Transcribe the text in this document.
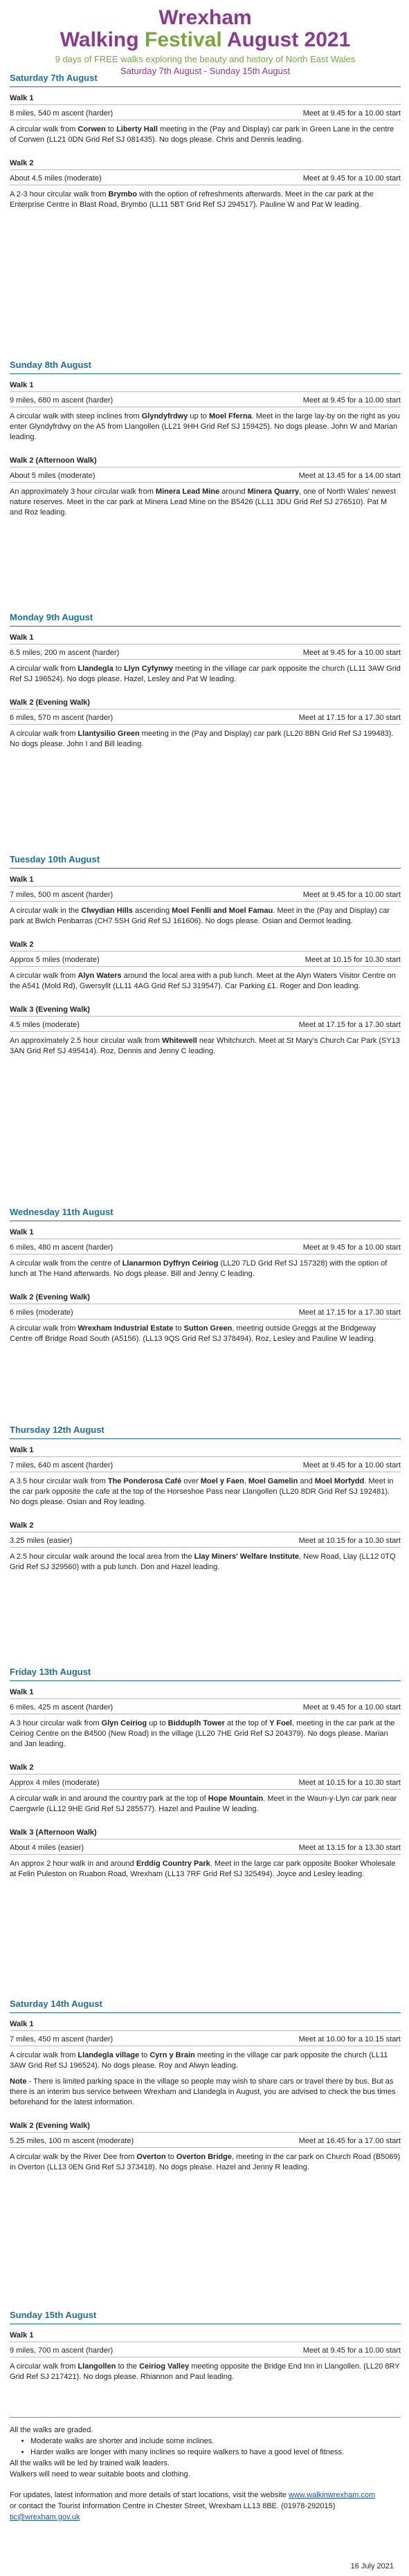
Wrexham
Walking Festival August 2021
9 days of FREE walks exploring the beauty and history of North East Wales
Saturday 7th August - Sunday 15th August
Saturday 7th August
Walk 1
8 miles, 540 m ascent (harder)	Meet at 9.45 for a 10.00 start
A circular walk from Corwen to Liberty Hall meeting in the (Pay and Display) car park in Green Lane in the centre of Corwen (LL21 0DN Grid Ref SJ 081435). No dogs please. Chris and Dennis leading.
Walk 2
About 4.5 miles (moderate)	Meet at 9.45 for a 10.00 start
A 2-3 hour circular walk from Brymbo with the option of refreshments afterwards. Meet in the car park at the Enterprise Centre in Blast Road, Brymbo (LL11 5BT Grid Ref SJ 294517). Pauline W and Pat W leading.
Sunday 8th August
Walk 1
9 miles, 680 m ascent (harder)	Meet at 9.45 for a 10.00 start
A circular walk with steep inclines from Glyndyfrdwy up to Moel Fferna. Meet in the large lay-by on the right as you enter Glyndyfrdwy on the A5 from Llangollen (LL21 9HH Grid Ref SJ 159425). No dogs please. John W and Marian leading.
Walk 2 (Afternoon Walk)
About 5 miles (moderate)	Meet at 13.45 for a 14.00 start
An approximately 3 hour circular walk from Minera Lead Mine around Minera Quarry, one of North Wales' newest nature reserves. Meet in the car park at Minera Lead Mine on the B5426 (LL11 3DU Grid Ref SJ 276510). Pat M and Roz leading.
Monday 9th August
Walk 1
6.5 miles, 200 m ascent (harder)	Meet at 9.45 for a 10.00 start
A circular walk from Llandegla to Llyn Cyfynwy meeting in the village car park opposite the church (LL11 3AW Grid Ref SJ 196524). No dogs please. Hazel, Lesley and Pat W leading.
Walk 2 (Evening Walk)
6 miles, 570 m ascent (harder)	Meet at 17.15 for a 17.30 start
A circular walk from Llantysilio Green meeting in the (Pay and Display) car park (LL20 8BN Grid Ref SJ 199483). No dogs please. John I and Bill leading.
Tuesday 10th August
Walk 1
7 miles, 500 m ascent (harder)	Meet at 9.45 for a 10.00 start
A circular walk in the Clwydian Hills ascending Moel Fenlli and Moel Famau. Meet in the (Pay and Display) car park at Bwlch Penbarras (CH7 5SH Grid Ref SJ 161606). No dogs please. Osian and Dermot leading.
Walk 2
Approx 5 miles (moderate)	Meet at 10.15 for 10.30 start
A circular walk from Alyn Waters around the local area with a pub lunch. Meet at the Alyn Waters Visitor Centre on the A541 (Mold Rd), Gwersyllt (LL11 4AG Grid Ref SJ 319547). Car Parking £1. Roger and Don leading.
Walk 3 (Evening Walk)
4.5 miles (moderate)	Meet at 17.15 for a 17.30 start
An approximately 2.5 hour circular walk from Whitewell near Whitchurch. Meet at St Mary's Church Car Park (SY13 3AN Grid Ref SJ 495414). Roz, Dennis and Jenny C leading.
Wednesday 11th August
Walk 1
6 miles, 480 m ascent (harder)	Meet at 9.45 for a 10.00 start
A circular walk from the centre of Llanarmon Dyffryn Ceiriog (LL20 7LD Grid Ref SJ 157328) with the option of lunch at The Hand afterwards. No dogs please. Bill and Jenny C leading.
Walk 2 (Evening Walk)
6 miles (moderate)	Meet at 17.15 for a 17.30 start
A circular walk from Wrexham Industrial Estate to Sutton Green, meeting outside Greggs at the Bridgeway Centre off Bridge Road South (A5156). (LL13 9QS Grid Ref SJ 378494). Roz, Lesley and Pauline W leading.
Thursday 12th August
Walk 1
7 miles, 640 m ascent (harder)	Meet at 9.45 for a 10.00 start
A 3.5 hour circular walk from The Ponderosa Café over Moel y Faen, Moel Gamelin and Moel Morfydd. Meet in the car park opposite the cafe at the top of the Horseshoe Pass near Llangollen (LL20 8DR Grid Ref SJ 192481). No dogs please. Osian and Roy leading.
Walk 2
3.25 miles (easier)	Meet at 10.15 for a 10.30 start
A 2.5 hour circular walk around the local area from the Llay Miners' Welfare Institute, New Road, Llay (LL12 0TQ Grid Ref SJ 329560) with a pub lunch. Don and Hazel leading.
Friday 13th August
Walk 1
6 miles, 425 m ascent (harder)	Meet at 9.45 for a 10.00 start
A 3 hour circular walk from Glyn Ceiriog up to Bidduplh Tower at the top of Y Foel, meeting in the car park at the Ceiriog Centre on the B4500 (New Road) in the village (LL20 7HE Grid Ref SJ 204379). No dogs please. Marian and Jan leading.
Walk 2
Approx 4 miles (moderate)	Meet at 10.15 for a 10.30 start
A circular walk in and around the country park at the top of Hope Mountain. Meet in the Waun-y-Llyn car park near Caergwrle (LL12 9HE Grid Ref SJ 285577). Hazel and Pauline W leading.
Walk 3 (Afternoon Walk)
About 4 miles (easier)	Meet at 13.15 for a 13.30 start
An approx 2 hour walk in and around Erddig Country Park. Meet in the large car park opposite Booker Wholesale at Felin Puleston on Ruabon Road, Wrexham (LL13 7RF Grid Ref SJ 325494). Joyce and Lesley leading.
Saturday 14th August
Walk 1
7 miles, 450 m ascent (harder)	Meet at 10.00 for a 10.15 start
A circular walk from Llandegla village to Cyrn y Brain meeting in the village car park opposite the church (LL11 3AW Grid Ref SJ 196524). No dogs please. Roy and Alwyn leading.
Note - There is limited parking space in the village so people may wish to share cars or travel there by bus. But as there is an interim bus service between Wrexham and Llandegla in August, you are advised to check the bus times beforehand for the latest information.
Walk 2 (Evening Walk)
5.25 miles, 100 m ascent (moderate)	Meet at 16.45 for a 17.00 start
A circular walk by the River Dee from Overton to Overton Bridge, meeting in the car park on Church Road (B5069) in Overton (LL13 0EN Grid Ref SJ 373418). No dogs please. Hazel and Jenny R leading.
Sunday 15th August
Walk 1
9 miles, 700 m ascent (harder)	Meet at 9.45 for a 10.00 start
A circular walk from Llangollen to the Ceiriog Valley meeting opposite the Bridge End Inn in Llangollen. (LL20 8RY Grid Ref SJ 217421). No dogs please. Rhiannon and Paul leading.

All the walks are graded.

• Moderate walks are shorter and include some inclines.
• Harder walks are longer with many inclines so require walkers to have a good level of fitness.

All the walks will be led by trained walk leaders.

Walkers will need to wear suitable boots and clothing.

For updates, latest information and more details of start locations, visit the website www.walkinwrexham.com

or contact the Tourist Information Centre in Chester Street, Wrexham LL13 8BE. (01978-292015) tic@wrexham.gov.uk

16 July 2021
